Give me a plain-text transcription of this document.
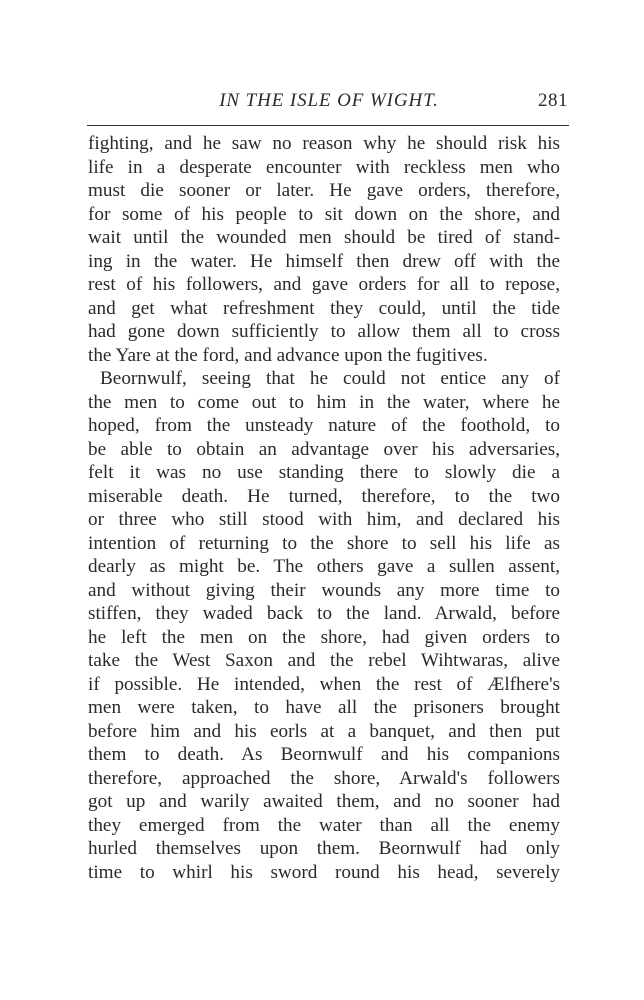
IN THE ISLE OF WIGHT.	281
fighting, and he saw no reason why he should risk his
life in a desperate encounter with reckless men who
must die sooner or later. He gave orders, therefore,
for some of his people to sit down on the shore, and
wait until the wounded men should be tired of stand-
ing in the water. He himself then drew off with the
rest of his followers, and gave orders for all to repose,
and get what refreshment they could, until the tide
had gone down sufficiently to allow them all to cross
the Yare at the ford, and advance upon the fugitives.
Beornwulf, seeing that he could not entice any of
the men to come out to him in the water, where he
hoped, from the unsteady nature of the foothold, to
be able to obtain an advantage over his adversaries,
felt it was no use standing there to slowly die a
miserable death. He turned, therefore, to the two
or three who still stood with him, and declared his
intention of returning to the shore to sell his life as
dearly as might be. The others gave a sullen assent,
and without giving their wounds any more time to
stiffen, they waded back to the land. Arwald, before
he left the men on the shore, had given orders to
take the West Saxon and the rebel Wihtwaras, alive
if possible. He intended, when the rest of Ælfhere's
men were taken, to have all the prisoners brought
before him and his eorls at a banquet, and then put
them to death. As Beornwulf and his companions
therefore, approached the shore, Arwald's followers
got up and warily awaited them, and no sooner had
they emerged from the water than all the enemy
hurled themselves upon them. Beornwulf had only
time to whirl his sword round his head, severely
